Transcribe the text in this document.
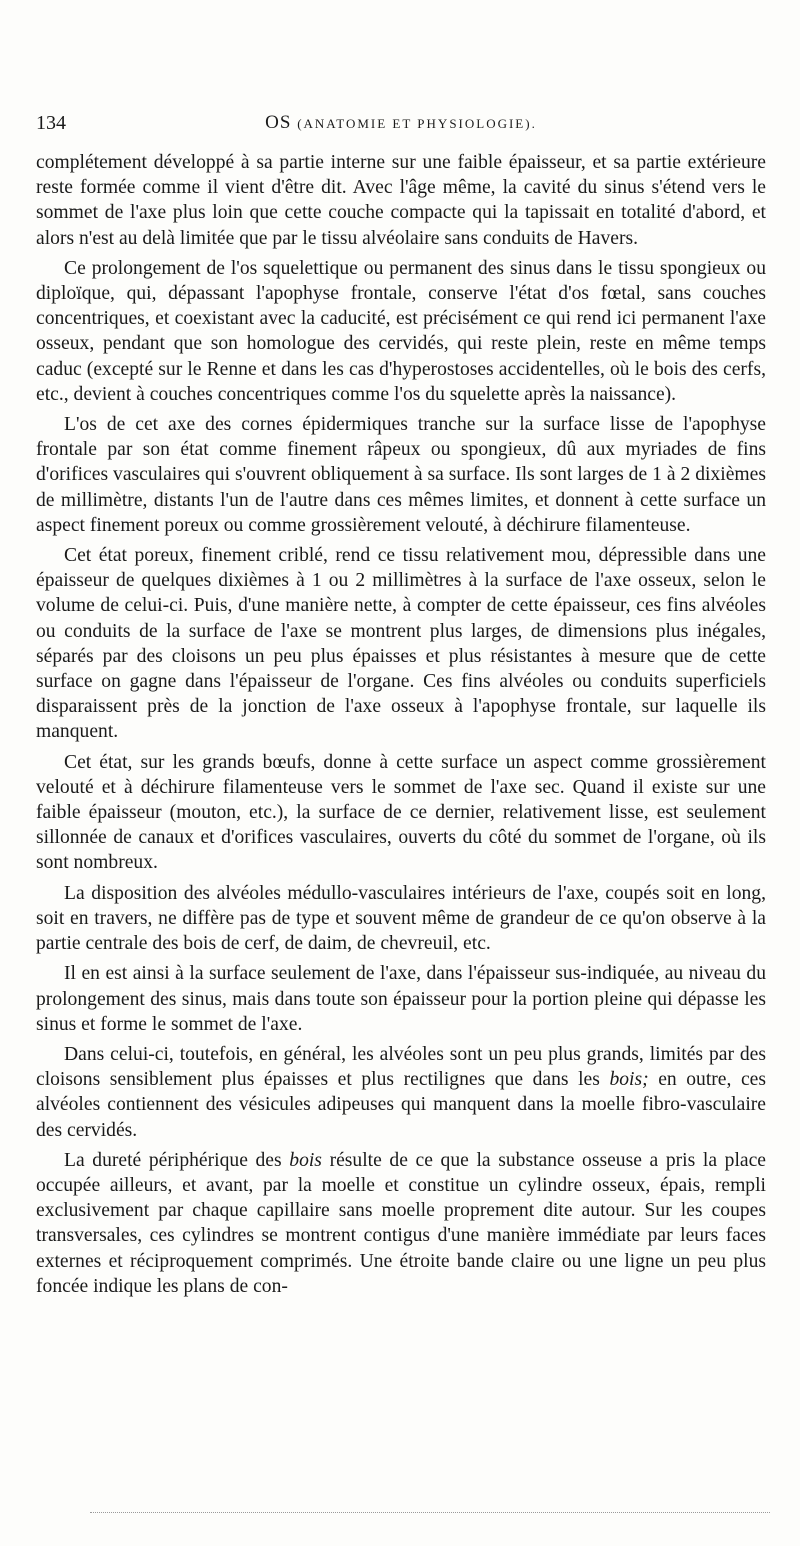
134	OS (ANATOMIE ET PHYSIOLOGIE).

complétement développé à sa partie interne sur une faible épaisseur, et sa partie extérieure reste formée comme il vient d'être dit. Avec l'âge même, la cavité du sinus s'étend vers le sommet de l'axe plus loin que cette couche compacte qui la tapissait en totalité d'abord, et alors n'est au delà limitée que par le tissu alvéolaire sans conduits de Havers.

Ce prolongement de l'os squelettique ou permanent des sinus dans le tissu spongieux ou diploïque, qui, dépassant l'apophyse frontale, conserve l'état d'os fœtal, sans couches concentriques, et coexistant avec la caducité, est précisément ce qui rend ici permanent l'axe osseux, pendant que son homologue des cervidés, qui reste plein, reste en même temps caduc (excepté sur le Renne et dans les cas d'hyperostoses accidentelles, où le bois des cerfs, etc., devient à couches concentriques comme l'os du squelette après la naissance).

L'os de cet axe des cornes épidermiques tranche sur la surface lisse de l'apophyse frontale par son état comme finement râpeux ou spongieux, dû aux myriades de fins d'orifices vasculaires qui s'ouvrent obliquement à sa surface. Ils sont larges de 1 à 2 dixièmes de millimètre, distants l'un de l'autre dans ces mêmes limites, et donnent à cette surface un aspect finement poreux ou comme grossièrement velouté, à déchirure filamenteuse.

Cet état poreux, finement criblé, rend ce tissu relativement mou, dépressible dans une épaisseur de quelques dixièmes à 1 ou 2 millimètres à la surface de l'axe osseux, selon le volume de celui-ci. Puis, d'une manière nette, à compter de cette épaisseur, ces fins alvéoles ou conduits de la surface de l'axe se montrent plus larges, de dimensions plus inégales, séparés par des cloisons un peu plus épaisses et plus résistantes à mesure que de cette surface on gagne dans l'épaisseur de l'organe. Ces fins alvéoles ou conduits superficiels disparaissent près de la jonction de l'axe osseux à l'apophyse frontale, sur laquelle ils manquent.

Cet état, sur les grands bœufs, donne à cette surface un aspect comme grossièrement velouté et à déchirure filamenteuse vers le sommet de l'axe sec. Quand il existe sur une faible épaisseur (mouton, etc.), la surface de ce dernier, relativement lisse, est seulement sillonnée de canaux et d'orifices vasculaires, ouverts du côté du sommet de l'organe, où ils sont nombreux.

La disposition des alvéoles médullo-vasculaires intérieurs de l'axe, coupés soit en long, soit en travers, ne diffère pas de type et souvent même de grandeur de ce qu'on observe à la partie centrale des bois de cerf, de daim, de chevreuil, etc.

Il en est ainsi à la surface seulement de l'axe, dans l'épaisseur sus-indiquée, au niveau du prolongement des sinus, mais dans toute son épaisseur pour la portion pleine qui dépasse les sinus et forme le sommet de l'axe.

Dans celui-ci, toutefois, en général, les alvéoles sont un peu plus grands, limités par des cloisons sensiblement plus épaisses et plus rectilignes que dans les bois; en outre, ces alvéoles contiennent des vésicules adipeuses qui manquent dans la moelle fibro-vasculaire des cervidés.

La dureté périphérique des bois résulte de ce que la substance osseuse a pris la place occupée ailleurs, et avant, par la moelle et constitue un cylindre osseux, épais, rempli exclusivement par chaque capillaire sans moelle proprement dite autour. Sur les coupes transversales, ces cylindres se montrent contigus d'une manière immédiate par leurs faces externes et réciproquement comprimés. Une étroite bande claire ou une ligne un peu plus foncée indique les plans de con-
